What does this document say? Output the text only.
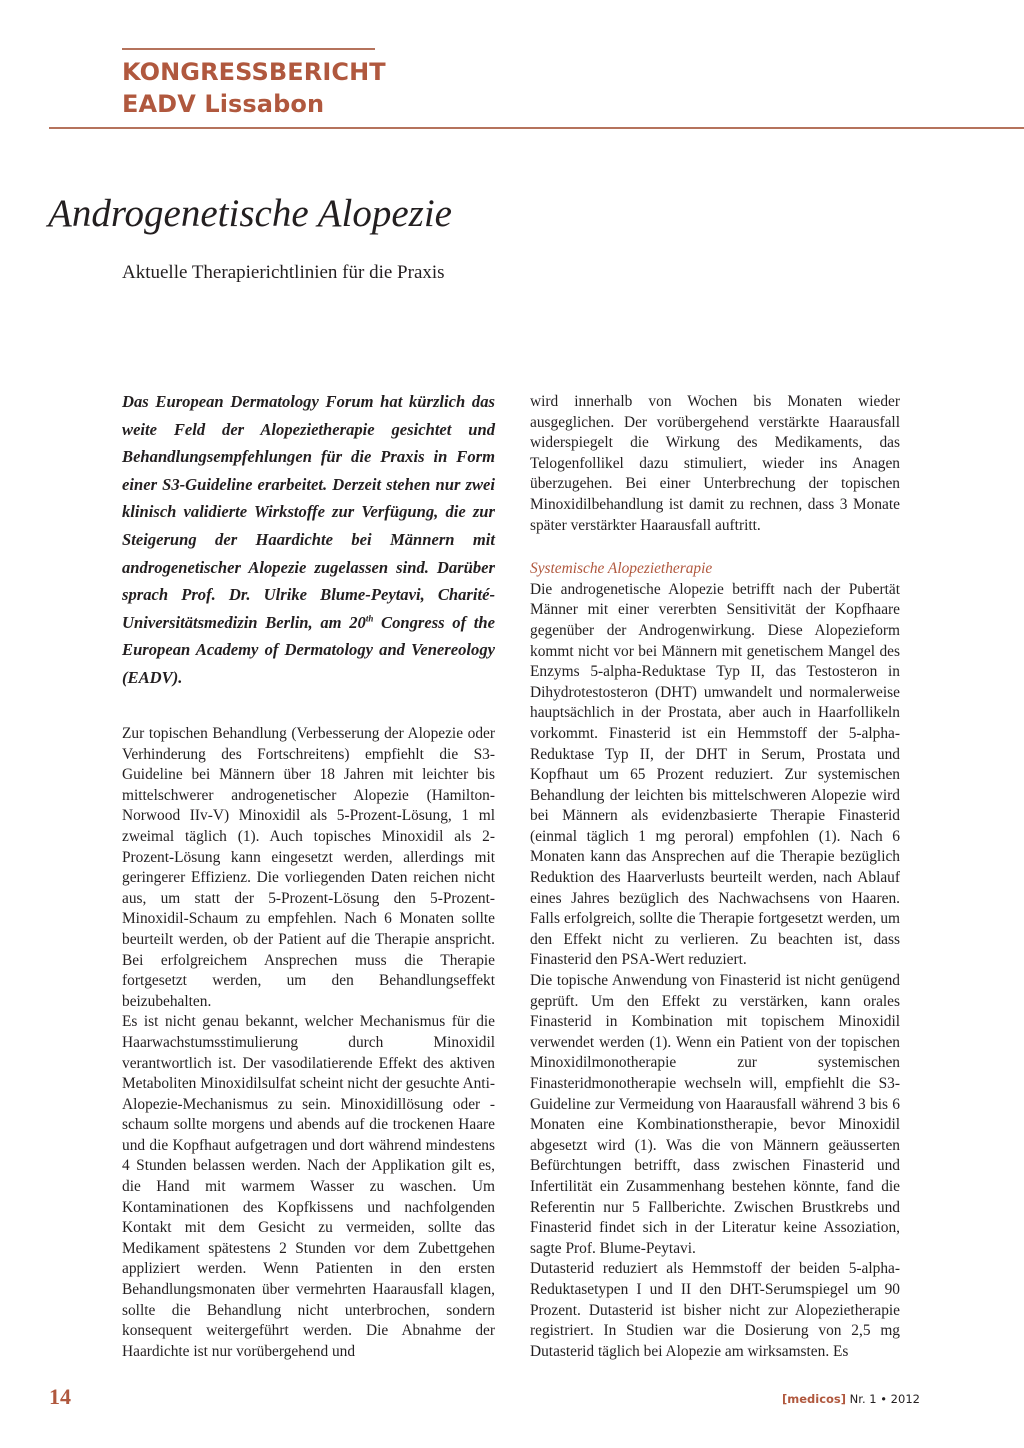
KONGRESSBERICHT
EADV Lissabon
Androgenetische Alopezie
Aktuelle Therapierichtlinien für die Praxis
Das European Dermatology Forum hat kürzlich das weite Feld der Alopezietherapie gesichtet und Behandlungsempfehlungen für die Praxis in Form einer S3-Guideline erarbeitet. Derzeit stehen nur zwei klinisch validierte Wirkstoffe zur Verfügung, die zur Steigerung der Haardichte bei Männern mit androgenetischer Alopezie zugelassen sind. Darüber sprach Prof. Dr. Ulrike Blume-Peytavi, Charité-Universitätsmedizin Berlin, am 20th Congress of the European Academy of Dermatology and Venereology (EADV).

Zur topischen Behandlung (Verbesserung der Alopezie oder Verhinderung des Fortschreitens) empfiehlt die S3-Guideline bei Männern über 18 Jahren mit leichter bis mittelschwerer androgenetischer Alopezie (Hamilton-Norwood IIv-V) Minoxidil als 5-Prozent-Lösung, 1 ml zweimal täglich (1). Auch topisches Minoxidil als 2-Prozent-Lösung kann eingesetzt werden, allerdings mit geringerer Effizienz. Die vorliegenden Daten reichen nicht aus, um statt der 5-Prozent-Lösung den 5-Prozent-Minoxidil-Schaum zu empfehlen. Nach 6 Monaten sollte beurteilt werden, ob der Patient auf die Therapie anspricht. Bei erfolgreichem Ansprechen muss die Therapie fortgesetzt werden, um den Behandlungseffekt beizubehalten.

Es ist nicht genau bekannt, welcher Mechanismus für die Haarwachstumsstimulierung durch Minoxidil verantwortlich ist. Der vasodilatierende Effekt des aktiven Metaboliten Minoxidilsulfat scheint nicht der gesuchte Anti-Alopezie-Mechanismus zu sein. Minoxidillösung oder -schaum sollte morgens und abends auf die trockenen Haare und die Kopfhaut aufgetragen und dort während mindestens 4 Stunden belassen werden. Nach der Applikation gilt es, die Hand mit warmem Wasser zu waschen. Um Kontaminationen des Kopfkissens und nachfolgenden Kontakt mit dem Gesicht zu vermeiden, sollte das Medikament spätestens 2 Stunden vor dem Zubettgehen appliziert werden. Wenn Patienten in den ersten Behandlungsmonaten über vermehrten Haarausfall klagen, sollte die Behandlung nicht unterbrochen, sondern konsequent weitergeführt werden. Die Abnahme der Haardichte ist nur vorübergehend und

wird innerhalb von Wochen bis Monaten wieder ausgeglichen. Der vorübergehend verstärkte Haarausfall widerspiegelt die Wirkung des Medikaments, das Telogenfollikel dazu stimuliert, wieder ins Anagen überzugehen. Bei einer Unterbrechung der topischen Minoxidilbehandlung ist damit zu rechnen, dass 3 Monate später verstärkter Haarausfall auftritt.

Systemische Alopezietherapie

Die androgenetische Alopezie betrifft nach der Pubertät Männer mit einer vererbten Sensitivität der Kopfhaare gegenüber der Androgenwirkung. Diese Alopezieform kommt nicht vor bei Männern mit genetischem Mangel des Enzyms 5-alpha-Reduktase Typ II, das Testosteron in Dihydrotestosteron (DHT) umwandelt und normalerweise hauptsächlich in der Prostata, aber auch in Haarfollikeln vorkommt. Finasterid ist ein Hemmstoff der 5-alpha-Reduktase Typ II, der DHT in Serum, Prostata und Kopfhaut um 65 Prozent reduziert. Zur systemischen Behandlung der leichten bis mittelschweren Alopezie wird bei Männern als evidenzbasierte Therapie Finasterid (einmal täglich 1 mg peroral) empfohlen (1). Nach 6 Monaten kann das Ansprechen auf die Therapie bezüglich Reduktion des Haarverlusts beurteilt werden, nach Ablauf eines Jahres bezüglich des Nachwachsens von Haaren. Falls erfolgreich, sollte die Therapie fortgesetzt werden, um den Effekt nicht zu verlieren. Zu beachten ist, dass Finasterid den PSA-Wert reduziert.

Die topische Anwendung von Finasterid ist nicht genügend geprüft. Um den Effekt zu verstärken, kann orales Finasterid in Kombination mit topischem Minoxidil verwendet werden (1). Wenn ein Patient von der topischen Minoxidilmonotherapie zur systemischen Finasteridmonotherapie wechseln will, empfiehlt die S3-Guideline zur Vermeidung von Haarausfall während 3 bis 6 Monaten eine Kombinationstherapie, bevor Minoxidil abgesetzt wird (1). Was die von Männern geäusserten Befürchtungen betrifft, dass zwischen Finasterid und Infertilität ein Zusammenhang bestehen könnte, fand die Referentin nur 5 Fallberichte. Zwischen Brustkrebs und Finasterid findet sich in der Literatur keine Assoziation, sagte Prof. Blume-Peytavi.

Dutasterid reduziert als Hemmstoff der beiden 5-alpha-Reduktasetypen I und II den DHT-Serumspiegel um 90 Prozent. Dutasterid ist bisher nicht zur Alopezietherapie registriert. In Studien war die Dosierung von 2,5 mg Dutasterid täglich bei Alopezie am wirksamsten. Es

14	[medicos] Nr. 1 • 2012
